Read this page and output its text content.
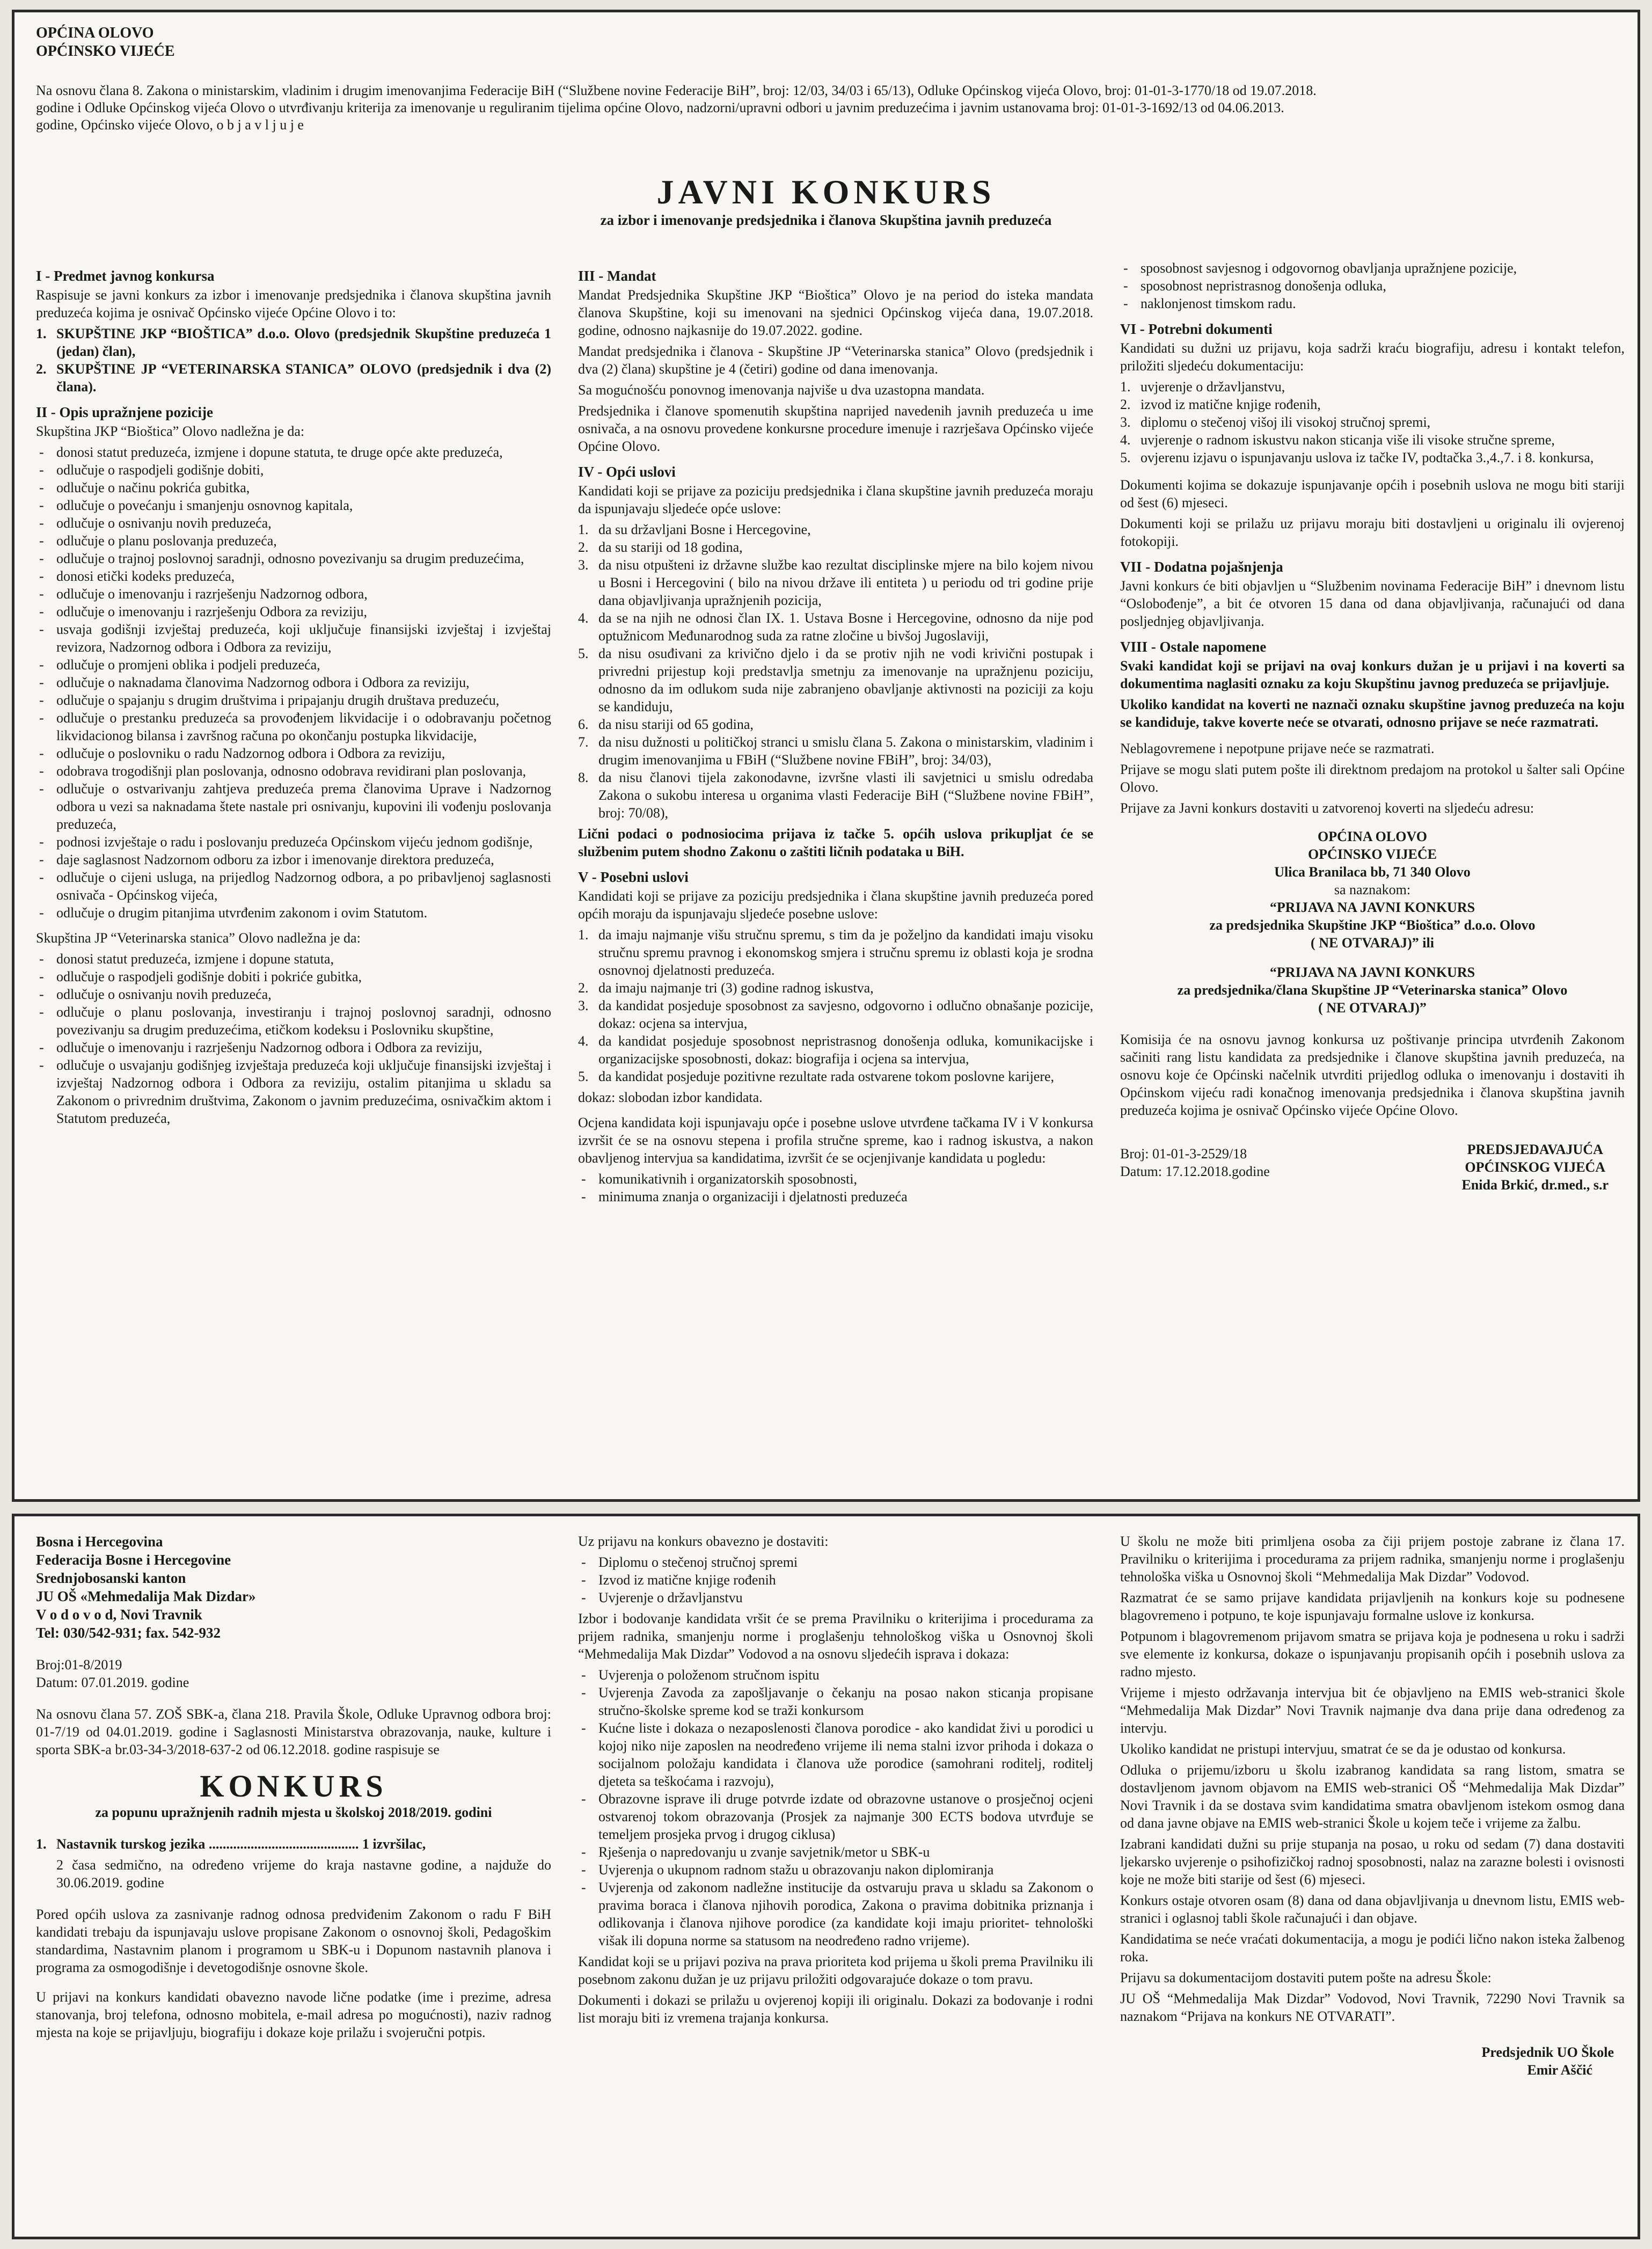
OPĆINA OLOVO
OPĆINSKO VIJEĆE
Na osnovu člana 8. Zakona o ministarskim, vladinim i drugim imenovanjima Federacije BiH (“Službene novine Federacije BiH”, broj: 12/03, 34/03 i 65/13), Odluke Općinskog vijeća Olovo, broj: 01-01-3-1770/18 od 19.07.2018.
godine i Odluke Općinskog vijeća Olovo o utvrđivanju kriterija za imenovanje u reguliranim tijelima općine Olovo, nadzorni/upravni odbori u javnim preduzećima i javnim ustanovama broj: 01-01-3-1692/13 od 04.06.2013.
godine, Općinsko vijeće Olovo, o b j a v l j u j e
JAVNI KONKURS
za izbor i imenovanje predsjednika i članova Skupština javnih preduzeća
I - Predmet javnog konkursa
Raspisuje se javni konkurs za izbor i imenovanje predsjednika i članova skupština javnih preduzeća kojima je osnivač Općinsko vijeće Općine Olovo i to:
1. SKUPŠTINE JKP “BIOŠTICA” d.o.o. Olovo (predsjednik Skupštine preduzeća 1 (jedan) član),
2. SKUPŠTINE JP “VETERINARSKA STANICA” OLOVO (predsjednik i dva (2) člana).
II - Opis upražnjene pozicije
Skupština JKP “Bioštica” Olovo nadležna je da:
- donosi statut preduzeća, izmjene i dopune statuta, te druge opće akte preduzeća,
- odlučuje o raspodjeli godišnje dobiti,
- odlučuje o načinu pokrića gubitka,
- odlučuje o povećanju i smanjenju osnovnog kapitala,
- odlučuje o osnivanju novih preduzeća,
- odlučuje o planu poslovanja preduzeća,
- odlučuje o trajnoj poslovnoj saradnji, odnosno povezivanju sa drugim preduzećima,
- donosi etički kodeks preduzeća,
- odlučuje o imenovanju i razrješenju Nadzornog odbora,
- odlučuje o imenovanju i razrješenju Odbora za reviziju,
- usvaja godišnji izvještaj preduzeća, koji uključuje finansijski izvještaj i izvještaj revizora, Nadzornog odbora i Odbora za reviziju,
- odlučuje o promjeni oblika i podjeli preduzeća,
- odlučuje o naknadama članovima Nadzornog odbora i Odbora za reviziju,
- odlučuje o spajanju s drugim društvima i pripajanju drugih društava preduzeću,
- odlučuje o prestanku preduzeća sa provođenjem likvidacije i o odobravanju početnog likvidacionog bilansa i završnog računa po okončanju postupka likvidacije,
- odlučuje o poslovniku o radu Nadzornog odbora i Odbora za reviziju,
- odobrava trogodišnji plan poslovanja, odnosno odobrava revidirani plan poslovanja,
- odlučuje o ostvarivanju zahtjeva preduzeća prema članovima Uprave i Nadzornog odbora u vezi sa naknadama štete nastale pri osnivanju, kupovini ili vođenju poslovanja preduzeća,
- podnosi izvještaje o radu i poslovanju preduzeća Općinskom vijeću jednom godišnje,
- daje saglasnost Nadzornom odboru za izbor i imenovanje direktora preduzeća,
- odlučuje o cijeni usluga, na prijedlog Nadzornog odbora, a po pribavljenoj saglasnosti osnivača - Općinskog vijeća,
- odlučuje o drugim pitanjima utvrđenim zakonom i ovim Statutom.
Skupština JP “Veterinarska stanica” Olovo nadležna je da:
- donosi statut preduzeća, izmjene i dopune statuta,
- odlučuje o raspodjeli godišnje dobiti i pokriće gubitka,
- odlučuje o osnivanju novih preduzeća,
- odlučuje o planu poslovanja, investiranju i trajnoj poslovnoj saradnji, odnosno povezivanju sa drugim preduzećima, etičkom kodeksu i Poslovniku skupštine,
- odlučuje o imenovanju i razrješenju Nadzornog odbora i Odbora za reviziju,
- odlučuje o usvajanju godišnjeg izvještaja preduzeća koji uključuje finansijski izvještaj i izvještaj Nadzornog odbora i Odbora za reviziju, ostalim pitanjima u skladu sa Zakonom o privrednim društvima, Zakonom o javnim preduzećima, osnivačkim aktom i Statutom preduzeća,
III - Mandat
Mandat Predsjednika Skupštine JKP “Bioštica” Olovo je na period do isteka mandata članova Skupštine, koji su imenovani na sjednici Općinskog vijeća dana, 19.07.2018. godine, odnosno najkasnije do 19.07.2022. godine.
Mandat predsjednika i članova - Skupštine JP “Veterinarska stanica” Olovo (predsjednik i dva (2) člana) skupštine je 4 (četiri) godine od dana imenovanja.
Sa mogućnošću ponovnog imenovanja najviše u dva uzastopna mandata.
Predsjednika i članove spomenutih skupština naprijed navedenih javnih preduzeća u ime osnivača, a na osnovu provedene konkursne procedure imenuje i razrješava Općinsko vijeće Općine Olovo.
IV - Opći uslovi
Kandidati koji se prijave za poziciju predsjednika i člana skupštine javnih preduzeća moraju da ispunjavaju sljedeće opće uslove:
1. da su državljani Bosne i Hercegovine,
2. da su stariji od 18 godina,
3. da nisu otpušteni iz državne službe kao rezultat disciplinske mjere na bilo kojem nivou u Bosni i Hercegovini ( bilo na nivou države ili entiteta ) u periodu od tri godine prije dana objavljivanja upražnjenih pozicija,
4. da se na njih ne odnosi član IX. 1. Ustava Bosne i Hercegovine, odnosno da nije pod optužnicom Međunarodnog suda za ratne zločine u bivšoj Jugoslaviji,
5. da nisu osuđivani za krivično djelo i da se protiv njih ne vodi krivični postupak i privredni prijestup koji predstavlja smetnju za imenovanje na upražnjenu poziciju, odnosno da im odlukom suda nije zabranjeno obavljanje aktivnosti na poziciji za koju se kandiduju,
6. da nisu stariji od 65 godina,
7. da nisu dužnosti u političkoj stranci u smislu člana 5. Zakona o ministarskim, vladinim i drugim imenovanjima u FBiH (“Službene novine FBiH”, broj: 34/03),
8. da nisu članovi tijela zakonodavne, izvršne vlasti ili savjetnici u smislu odredaba Zakona o sukobu interesa u organima vlasti Federacije BiH (“Službene novine FBiH”, broj: 70/08),
Lični podaci o podnosiocima prijava iz tačke 5. općih uslova prikupljat će se službenim putem shodno Zakonu o zaštiti ličnih podataka u BiH.
V - Posebni uslovi
Kandidati koji se prijave za poziciju predsjednika i člana skupštine javnih preduzeća pored općih moraju da ispunjavaju sljedeće posebne uslove:
1. da imaju najmanje višu stručnu spremu, s tim da je poželjno da kandidati imaju visoku stručnu spremu pravnog i ekonomskog smjera i stručnu spremu iz oblasti koja je srodna osnovnoj djelatnosti preduzeća.
2. da imaju najmanje tri (3) godine radnog iskustva,
3. da kandidat posjeduje sposobnost za savjesno, odgovorno i odlučno obnašanje pozicije, dokaz: ocjena sa intervjua,
4. da kandidat posjeduje sposobnost nepristrasnog donošenja odluka, komunikacijske i organizacijske sposobnosti, dokaz: biografija i ocjena sa intervjua,
5. da kandidat posjeduje pozitivne rezultate rada ostvarene tokom poslovne karijere,
dokaz: slobodan izbor kandidata.
Ocjena kandidata koji ispunjavaju opće i posebne uslove utvrđene tačkama IV i V konkursa izvršit će se na osnovu stepena i profila stručne spreme, kao i radnog iskustva, a nakon obavljenog intervjua sa kandidatima, izvršit će se ocjenjivanje kandidata u pogledu:
- komunikativnih i organizatorskih sposobnosti,
- minimuma znanja o organizaciji i djelatnosti preduzeća
- sposobnost savjesnog i odgovornog obavljanja upražnjene pozicije,
- sposobnost nepristrasnog donošenja odluka,
- naklonjenost timskom radu.
VI - Potrebni dokumenti
Kandidati su dužni uz prijavu, koja sadrži kraću biografiju, adresu i kontakt telefon, priložiti sljedeću dokumentaciju:
1. uvjerenje o državljanstvu,
2. izvod iz matične knjige rođenih,
3. diplomu o stečenoj višoj ili visokoj stručnoj spremi,
4. uvjerenje o radnom iskustvu nakon sticanja više ili visoke stručne spreme,
5. ovjerenu izjavu o ispunjavanju uslova iz tačke IV, podtačka 3.,4.,7. i 8. konkursa,
Dokumenti kojima se dokazuje ispunjavanje općih i posebnih uslova ne mogu biti stariji od šest (6) mjeseci.
Dokumenti koji se prilažu uz prijavu moraju biti dostavljeni u originalu ili ovjerenoj fotokopiji.
VII - Dodatna pojašnjenja
Javni konkurs će biti objavljen u “Službenim novinama Federacije BiH” i dnevnom listu “Oslobođenje”, a bit će otvoren 15 dana od dana objavljivanja, računajući od dana posljednjeg objavljivanja.
VIII - Ostale napomene
Svaki kandidat koji se prijavi na ovaj konkurs dužan je u prijavi i na koverti sa dokumentima naglasiti oznaku za koju Skupštinu javnog preduzeća se prijavljuje.
Ukoliko kandidat na koverti ne naznači oznaku skupštine javnog preduzeća na koju se kandiduje, takve koverte neće se otvarati, odnosno prijave se neće razmatrati.
Neblagovremene i nepotpune prijave neće se razmatrati.
Prijave se mogu slati putem pošte ili direktnom predajom na protokol u šalter sali Općine Olovo.
Prijave za Javni konkurs dostaviti u zatvorenoj koverti na sljedeću adresu:
OPĆINA OLOVO
OPĆINSKO VIJEĆE
Ulica Branilaca bb, 71 340 Olovo
sa naznakom:
“PRIJAVA NA JAVNI KONKURS
za predsjednika Skupštine JKP “Bioštica” d.o.o. Olovo
( NE OTVARAJ)” ili
“PRIJAVA NA JAVNI KONKURS
za predsjednika/člana Skupštine JP “Veterinarska stanica” Olovo
( NE OTVARAJ)”
Komisija će na osnovu javnog konkursa uz poštivanje principa utvrđenih Zakonom sačiniti rang listu kandidata za predsjednike i članove skupština javnih preduzeća, na osnovu koje će Općinski načelnik utvrditi prijedlog odluka o imenovanju i dostaviti ih Općinskom vijeću radi konačnog imenovanja predsjednika i članova skupština javnih preduzeća kojima je osnivač Općinsko vijeće Općine Olovo.
Broj: 01-01-3-2529/18
Datum: 17.12.2018.godine
PREDSJEDAVAJUĆA
OPĆINSKOG VIJEĆA
Enida Brkić, dr.med., s.r
Bosna i Hercegovina
Federacija Bosne i Hercegovine
Srednjobosanski kanton
JU OŠ «Mehmedalija Mak Dizdar»
V o d o v o d, Novi Travnik
Tel: 030/542-931; fax. 542-932
Broj:01-8/2019
Datum: 07.01.2019. godine
Na osnovu člana 57. ZOŠ SBK-a, člana 218. Pravila Škole, Odluke Upravnog odbora broj: 01-7/19 od 04.01.2019. godine i Saglasnosti Ministarstva obrazovanja, nauke, kulture i sporta SBK-a br.03-34-3/2018-637-2 od 06.12.2018. godine raspisuje se
KONKURS
za popunu upražnjenih radnih mjesta u školskoj 2018/2019. godini
1. Nastavnik turskog jezika ........................................... 1 izvršilac,
2 časa sedmično, na određeno vrijeme do kraja nastavne godine, a najduže do 30.06.2019. godine
Pored općih uslova za zasnivanje radnog odnosa predviđenim Zakonom o radu F BiH kandidati trebaju da ispunjavaju uslove propisane Zakonom o osnovnoj školi, Pedagoškim standardima, Nastavnim planom i programom u SBK-u i Dopunom nastavnih planova i programa za osmogodišnje i devetogodišnje osnovne škole.
U prijavi na konkurs kandidati obavezno navode lične podatke (ime i prezime, adresa stanovanja, broj telefona, odnosno mobitela, e-mail adresa po mogućnosti), naziv radnog mjesta na koje se prijavljuju, biografiju i dokaze koje prilažu i svojeručni potpis.
Uz prijavu na konkurs obavezno je dostaviti:
- Diplomu o stečenoj stručnoj spremi
- Izvod iz matične knjige rođenih
- Uvjerenje o državljanstvu
Izbor i bodovanje kandidata vršit će se prema Pravilniku o kriterijima i procedurama za prijem radnika, smanjenju norme i proglašenju tehnološkog viška u Osnovnoj školi “Mehmedalija Mak Dizdar” Vodovod a na osnovu sljedećih isprava i dokaza:
- Uvjerenja o položenom stručnom ispitu
- Uvjerenja Zavoda za zapošljavanje o čekanju na posao nakon sticanja propisane stručno-školske spreme kod se traži konkursom
- Kućne liste i dokaza o nezaposlenosti članova porodice - ako kandidat živi u porodici u kojoj niko nije zaposlen na neodređeno vrijeme ili nema stalni izvor prihoda i dokaza o socijalnom položaju kandidata i članova uže porodice (samohrani roditelj, roditelj djeteta sa teškoćama i razvoju),
- Obrazovne isprave ili druge potvrde izdate od obrazovne ustanove o prosječnoj ocjeni ostvarenoj tokom obrazovanja (Prosjek za najmanje 300 ECTS bodova utvrđuje se temeljem prosjeka prvog i drugog ciklusa)
- Rješenja o napredovanju u zvanje savjetnik/metor u SBK-u
- Uvjerenja o ukupnom radnom stažu u obrazovanju nakon diplomiranja
- Uvjerenja od zakonom nadležne institucije da ostvaruju prava u skladu sa Zakonom o pravima boraca i članova njihovih porodica, Zakona o pravima dobitnika priznanja i odlikovanja i članova njihove porodice (za kandidate koji imaju prioritet- tehnološki višak ili dopuna norme sa statusom na neodređeno radno vrijeme).
Kandidat koji se u prijavi poziva na prava prioriteta kod prijema u školi prema Pravilniku ili posebnom zakonu dužan je uz prijavu priložiti odgovarajuće dokaze o tom pravu.
Dokumenti i dokazi se prilažu u ovjerenoj kopiji ili originalu. Dokazi za bodovanje i rodni list moraju biti iz vremena trajanja konkursa.
U školu ne može biti primljena osoba za čiji prijem postoje zabrane iz člana 17. Pravilniku o kriterijima i procedurama za prijem radnika, smanjenju norme i proglašenju tehnološka viška u Osnovnoj školi “Mehmedalija Mak Dizdar” Vodovod.
Razmatrat će se samo prijave kandidata prijavljenih na konkurs koje su podnesene blagovremeno i potpuno, te koje ispunjavaju formalne uslove iz konkursa.
Potpunom i blagovremenom prijavom smatra se prijava koja je podnesena u roku i sadrži sve elemente iz konkursa, dokaze o ispunjavanju propisanih općih i posebnih uslova za radno mjesto.
Vrijeme i mjesto održavanja intervjua bit će objavljeno na EMIS web-stranici škole “Mehmedalija Mak Dizdar” Novi Travnik najmanje dva dana prije dana određenog za intervju.
Ukoliko kandidat ne pristupi intervjuu, smatrat će se da je odustao od konkursa.
Odluka o prijemu/izboru u školu izabranog kandidata sa rang listom, smatra se dostavljenom javnom objavom na EMIS web-stranici OŠ “Mehmedalija Mak Dizdar” Novi Travnik i da se dostava svim kandidatima smatra obavljenom istekom osmog dana od dana javne objave na EMIS web-stranici Škole u kojem teče i vrijeme za žalbu.
Izabrani kandidati dužni su prije stupanja na posao, u roku od sedam (7) dana dostaviti ljekarsko uvjerenje o psihofizičkoj radnoj sposobnosti, nalaz na zarazne bolesti i ovisnosti koje ne može biti starije od šest (6) mjeseci.
Konkurs ostaje otvoren osam (8) dana od dana objavljivanja u dnevnom listu, EMIS web-stranici i oglasnoj tabli škole računajući i dan objave.
Kandidatima se neće vraćati dokumentacija, a mogu je podići lično nakon isteka žalbenog roka.
Prijavu sa dokumentacijom dostaviti putem pošte na adresu Škole:
JU OŠ “Mehmedalija Mak Dizdar” Vodovod, Novi Travnik, 72290 Novi Travnik sa naznakom “Prijava na konkurs NE OTVARATI”.
Predsjednik UO Škole
Emir Aščić
